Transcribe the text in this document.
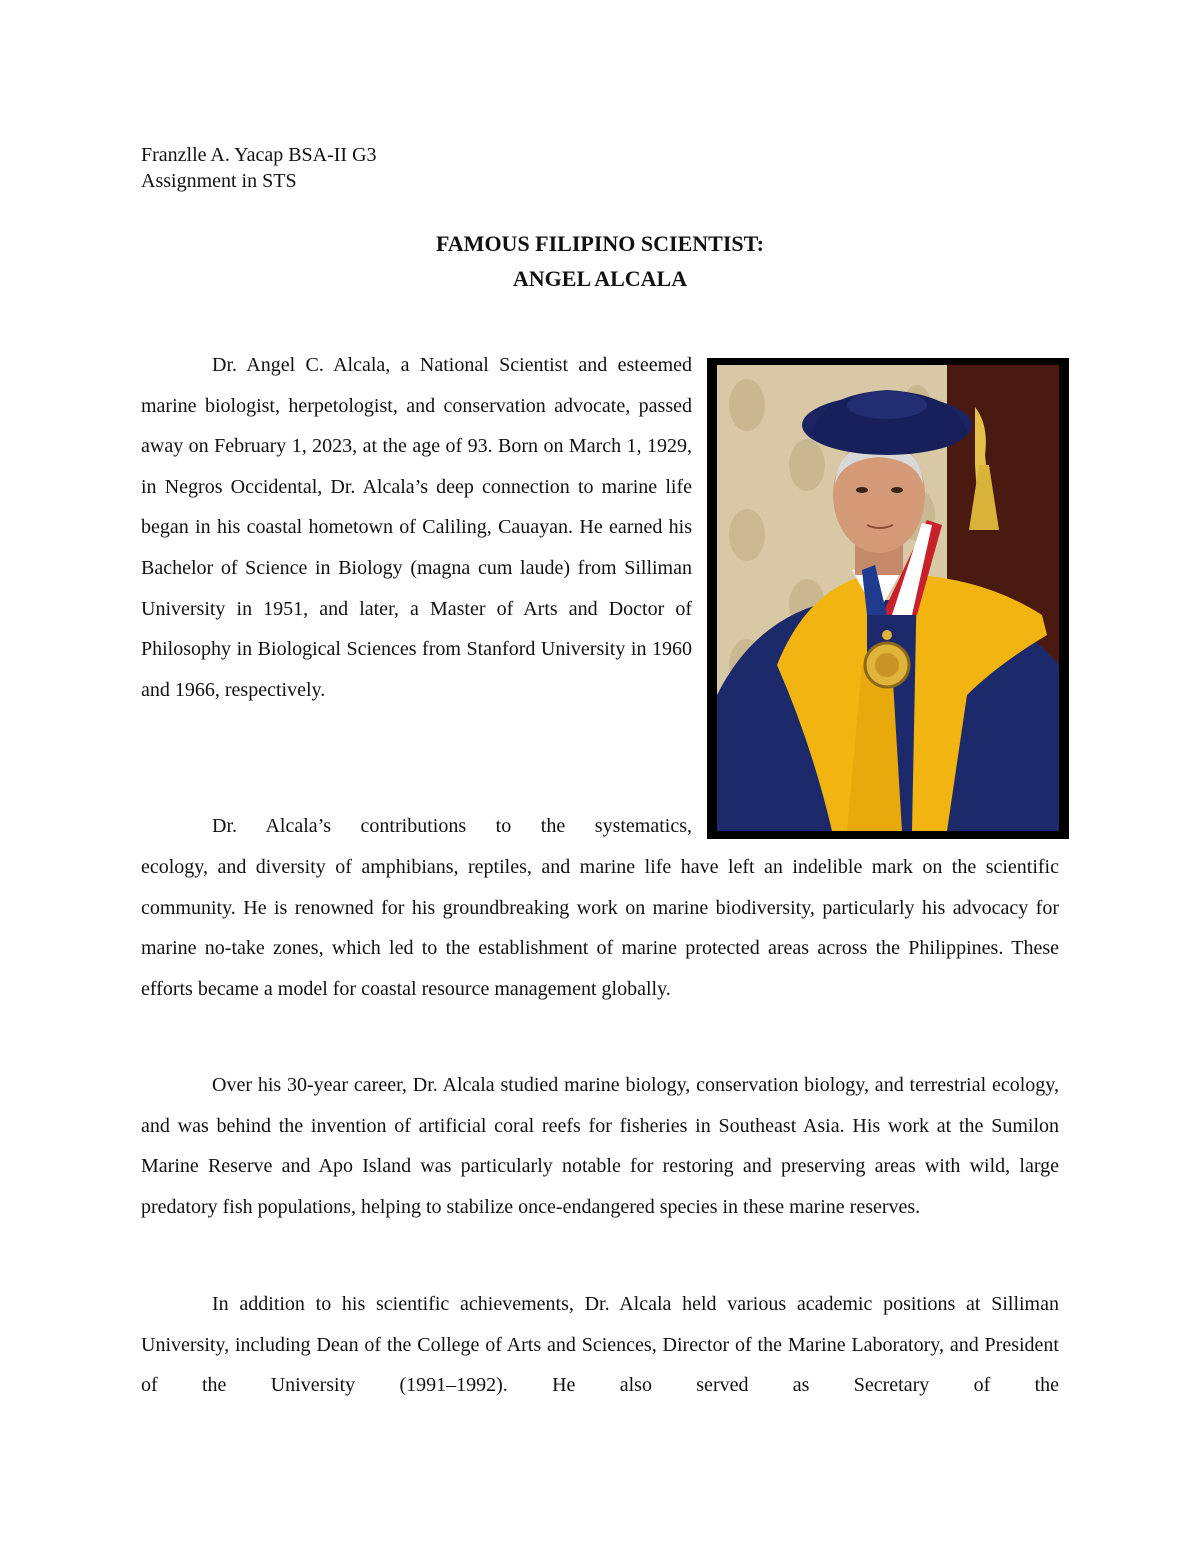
Franzlle A. Yacap BSA-II G3
Assignment in STS
FAMOUS FILIPINO SCIENTIST:
ANGEL ALCALA

Dr. Angel C. Alcala, a National Scientist and esteemed marine biologist, herpetologist, and conservation advocate, passed away on February 1, 2023, at the age of 93. Born on March 1, 1929, in Negros Occidental, Dr. Alcala’s deep connection to marine life began in his coastal hometown of Caliling, Cauayan. He earned his Bachelor of Science in Biology (magna cum laude) from Silliman University in 1951, and later, a Master of Arts and Doctor of Philosophy in Biological Sciences from Stanford University in 1960 and 1966, respectively.

Dr. Alcala’s contributions to the systematics,

ecology, and diversity of amphibians, reptiles, and marine life have left an indelible mark on the scientific community. He is renowned for his groundbreaking work on marine biodiversity, particularly his advocacy for marine no-take zones, which led to the establishment of marine protected areas across the Philippines. These efforts became a model for coastal resource management globally.

Over his 30-year career, Dr. Alcala studied marine biology, conservation biology, and terrestrial ecology, and was behind the invention of artificial coral reefs for fisheries in Southeast Asia. His work at the Sumilon Marine Reserve and Apo Island was particularly notable for restoring and preserving areas with wild, large predatory fish populations, helping to stabilize once-endangered species in these marine reserves.

In addition to his scientific achievements, Dr. Alcala held various academic positions at Silliman University, including Dean of the College of Arts and Sciences, Director of the Marine Laboratory, and President of the University (1991–1992). He also served as Secretary of the
